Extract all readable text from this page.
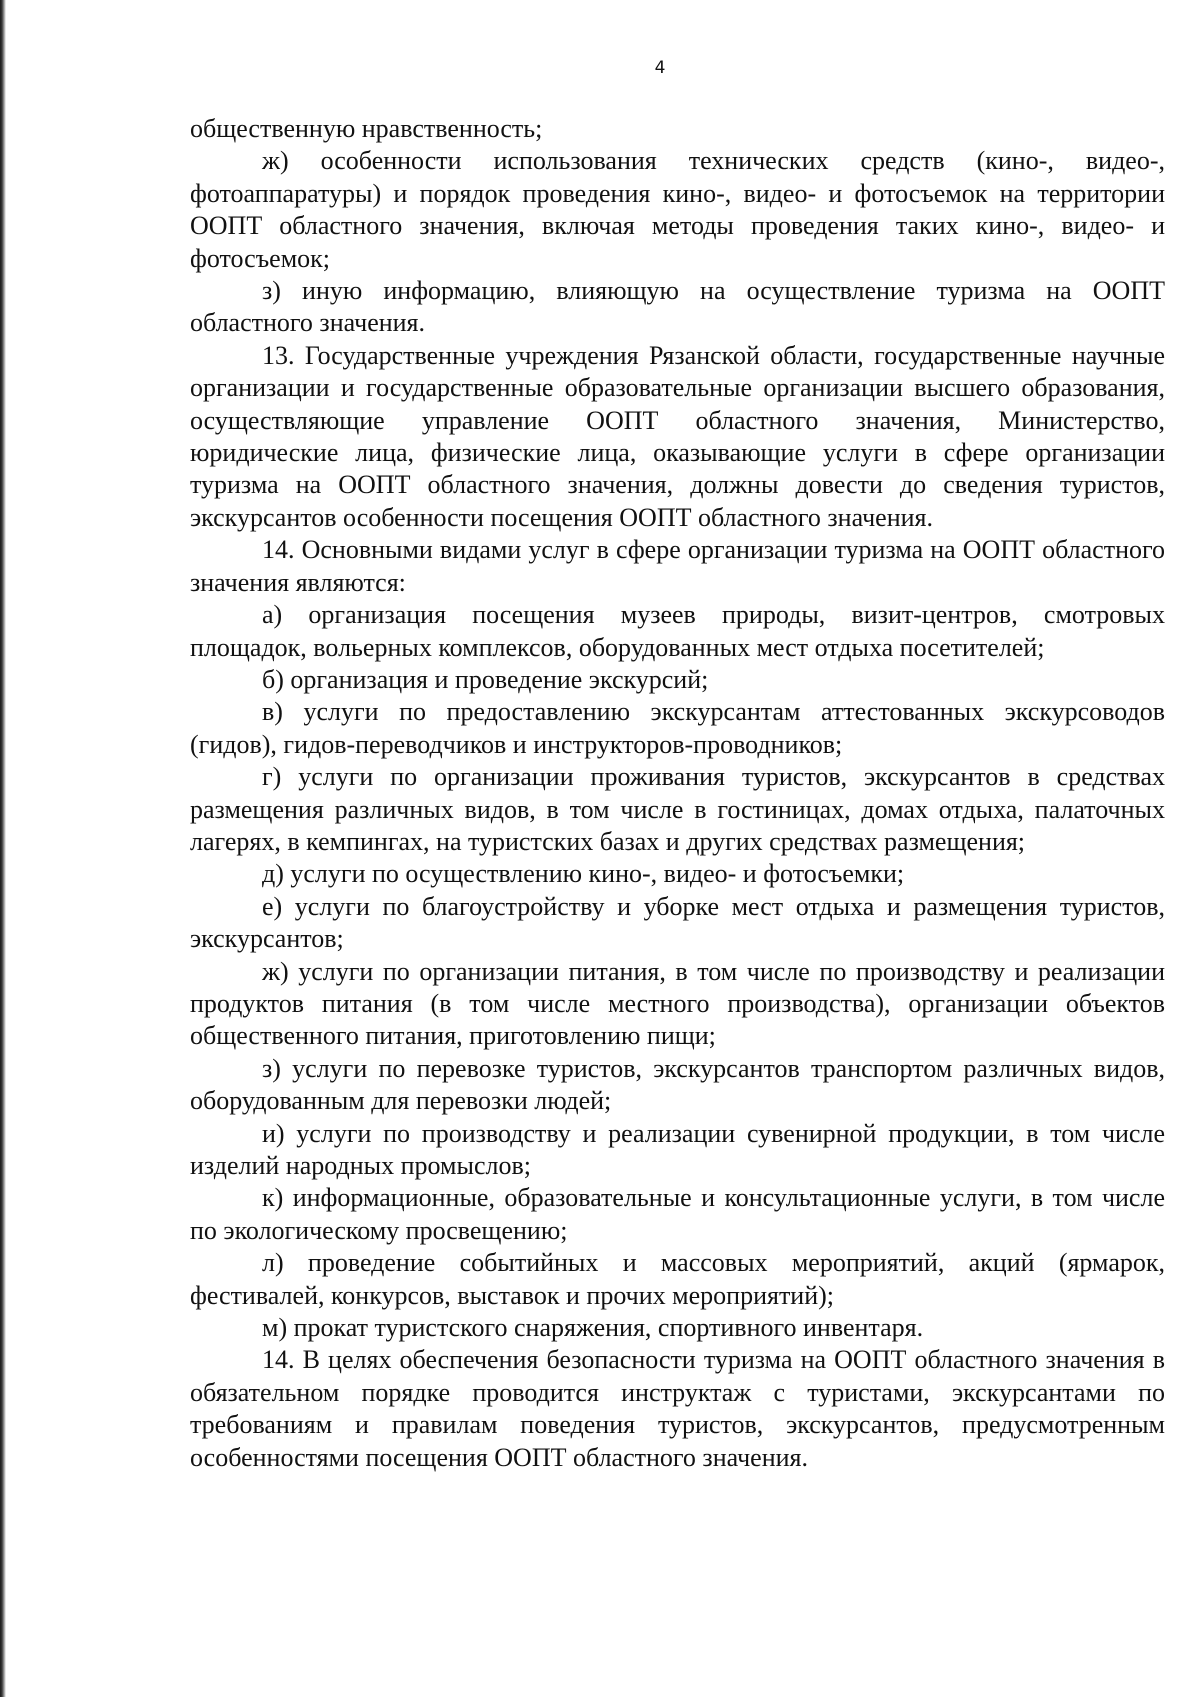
4

общественную нравственность;

ж) особенности использования технических средств (кино-, видео-, фотоаппаратуры) и порядок проведения кино-, видео- и фотосъемок на территории ООПТ областного значения, включая методы проведения таких кино-, видео- и фотосъемок;

з) иную информацию, влияющую на осуществление туризма на ООПТ областного значения.

13. Государственные учреждения Рязанской области, государственные научные организации и государственные образовательные организации высшего образования, осуществляющие управление ООПТ областного значения, Министерство, юридические лица, физические лица, оказывающие услуги в сфере организации туризма на ООПТ областного значения, должны довести до сведения туристов, экскурсантов особенности посещения ООПТ областного значения.

14. Основными видами услуг в сфере организации туризма на ООПТ областного значения являются:

а) организация посещения музеев природы, визит-центров, смотровых площадок, вольерных комплексов, оборудованных мест отдыха посетителей;

б) организация и проведение экскурсий;

в) услуги по предоставлению экскурсантам аттестованных экскурсоводов (гидов), гидов-переводчиков и инструкторов-проводников;

г) услуги по организации проживания туристов, экскурсантов в средствах размещения различных видов, в том числе в гостиницах, домах отдыха, палаточных лагерях, в кемпингах, на туристских базах и других средствах размещения;

д) услуги по осуществлению кино-, видео- и фотосъемки;

е) услуги по благоустройству и уборке мест отдыха и размещения туристов, экскурсантов;

ж) услуги по организации питания, в том числе по производству и реализации продуктов питания (в том числе местного производства), организации объектов общественного питания, приготовлению пищи;

з) услуги по перевозке туристов, экскурсантов транспортом различных видов, оборудованным для перевозки людей;

и) услуги по производству и реализации сувенирной продукции, в том числе изделий народных промыслов;

к) информационные, образовательные и консультационные услуги, в том числе по экологическому просвещению;

л) проведение событийных и массовых мероприятий, акций (ярмарок, фестивалей, конкурсов, выставок и прочих мероприятий);

м) прокат туристского снаряжения, спортивного инвентаря.

14. В целях обеспечения безопасности туризма на ООПТ областного значения в обязательном порядке проводится инструктаж с туристами, экскурсантами по требованиям и правилам поведения туристов, экскурсантов, предусмотренным особенностями посещения ООПТ областного значения.
